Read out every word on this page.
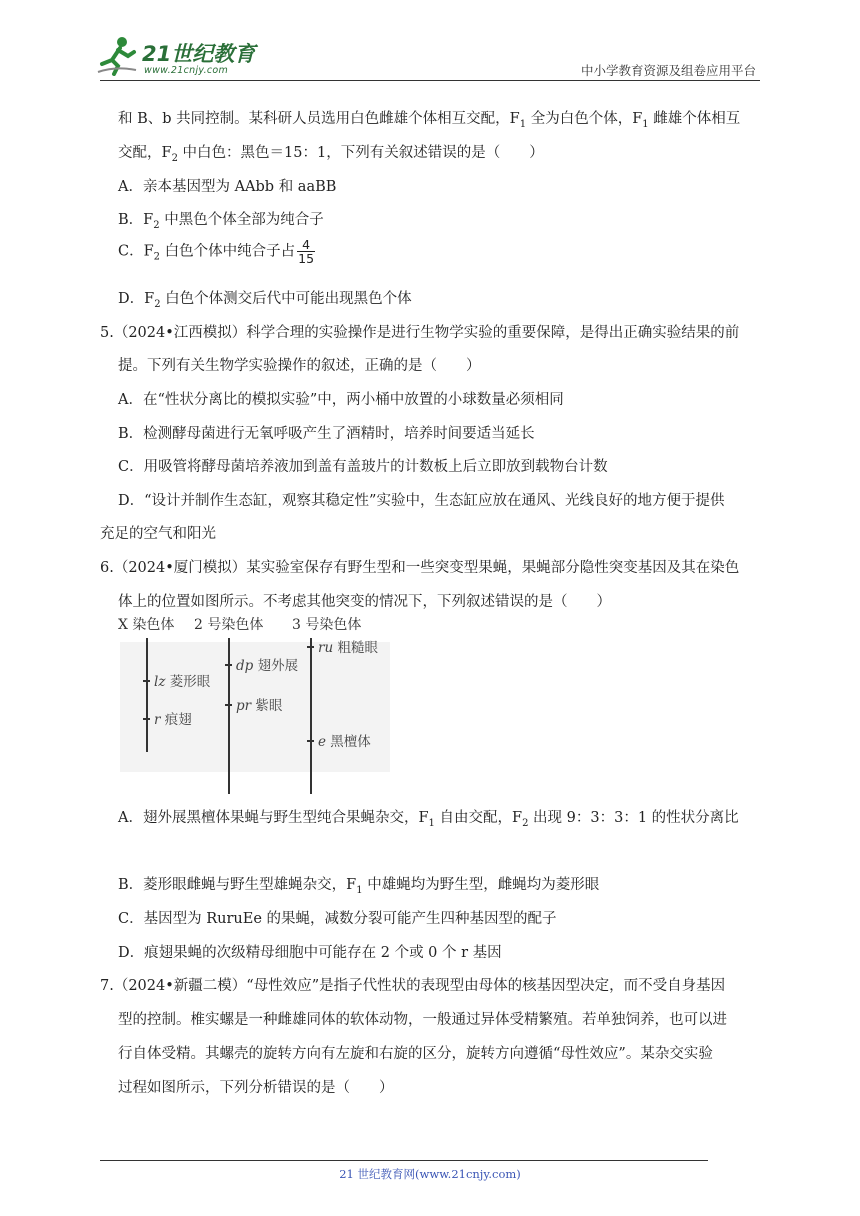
21世纪教育
www.21cnjy.com	中小学教育资源及组卷应用平台
和 B、b 共同控制。某科研人员选用白色雌雄个体相互交配，$F_1$ 全为白色个体，$F_1$ 雌雄个体相互
交配，$F_2$ 中白色：黑色＝15：1，下列有关叙述错误的是（　　）
A．亲本基因型为 AAbb 和 aaBB
B．$F_2$ 中黑色个体全部为纯合子
C．$F_2$ 白色个体中纯合子占 $\frac{4}{15}$
D．$F_2$ 白色个体测交后代中可能出现黑色个体
5.（2024•江西模拟）科学合理的实验操作是进行生物学实验的重要保障，是得出正确实验结果的前
提。下列有关生物学实验操作的叙述，正确的是（　　）
A．在“性状分离比的模拟实验”中，两小桶中放置的小球数量必须相同
B．检测酵母菌进行无氧呼吸产生了酒精时，培养时间要适当延长
C．用吸管将酵母菌培养液加到盖有盖玻片的计数板上后立即放到载物台计数
D．“设计并制作生态缸，观察其稳定性”实验中，生态缸应放在通风、光线良好的地方便于提供
充足的空气和阳光
6.（2024•厦门模拟）某实验室保存有野生型和一些突变型果蝇，果蝇部分隐性突变基因及其在染色
体上的位置如图所示。不考虑其他突变的情况下，下列叙述错误的是（　　）
X 染色体 2 号染色体 3 号染色体
lz 菱形眼
r 痕翅
dp 翅外展
pr 紫眼
ru 粗糙眼
e 黑檀体
A．翅外展黑檀体果蝇与野生型纯合果蝇杂交，$F_1$ 自由交配，$F_2$ 出现 9：3：3：1 的性状分离比
B．菱形眼雌蝇与野生型雄蝇杂交，$F_1$ 中雄蝇均为野生型，雌蝇均为菱形眼
C．基因型为 RuruEe 的果蝇，减数分裂可能产生四种基因型的配子
D．痕翅果蝇的次级精母细胞中可能存在 2 个或 0 个 r 基因
7.（2024•新疆二模）“母性效应”是指子代性状的表现型由母体的核基因型决定，而不受自身基因
型的控制。椎实螺是一种雌雄同体的软体动物，一般通过异体受精繁殖。若单独饲养，也可以进
行自体受精。其螺壳的旋转方向有左旋和右旋的区分，旋转方向遵循“母性效应”。某杂交实验
过程如图所示，下列分析错误的是（　　）
21 世纪教育网(www.21cnjy.com)
